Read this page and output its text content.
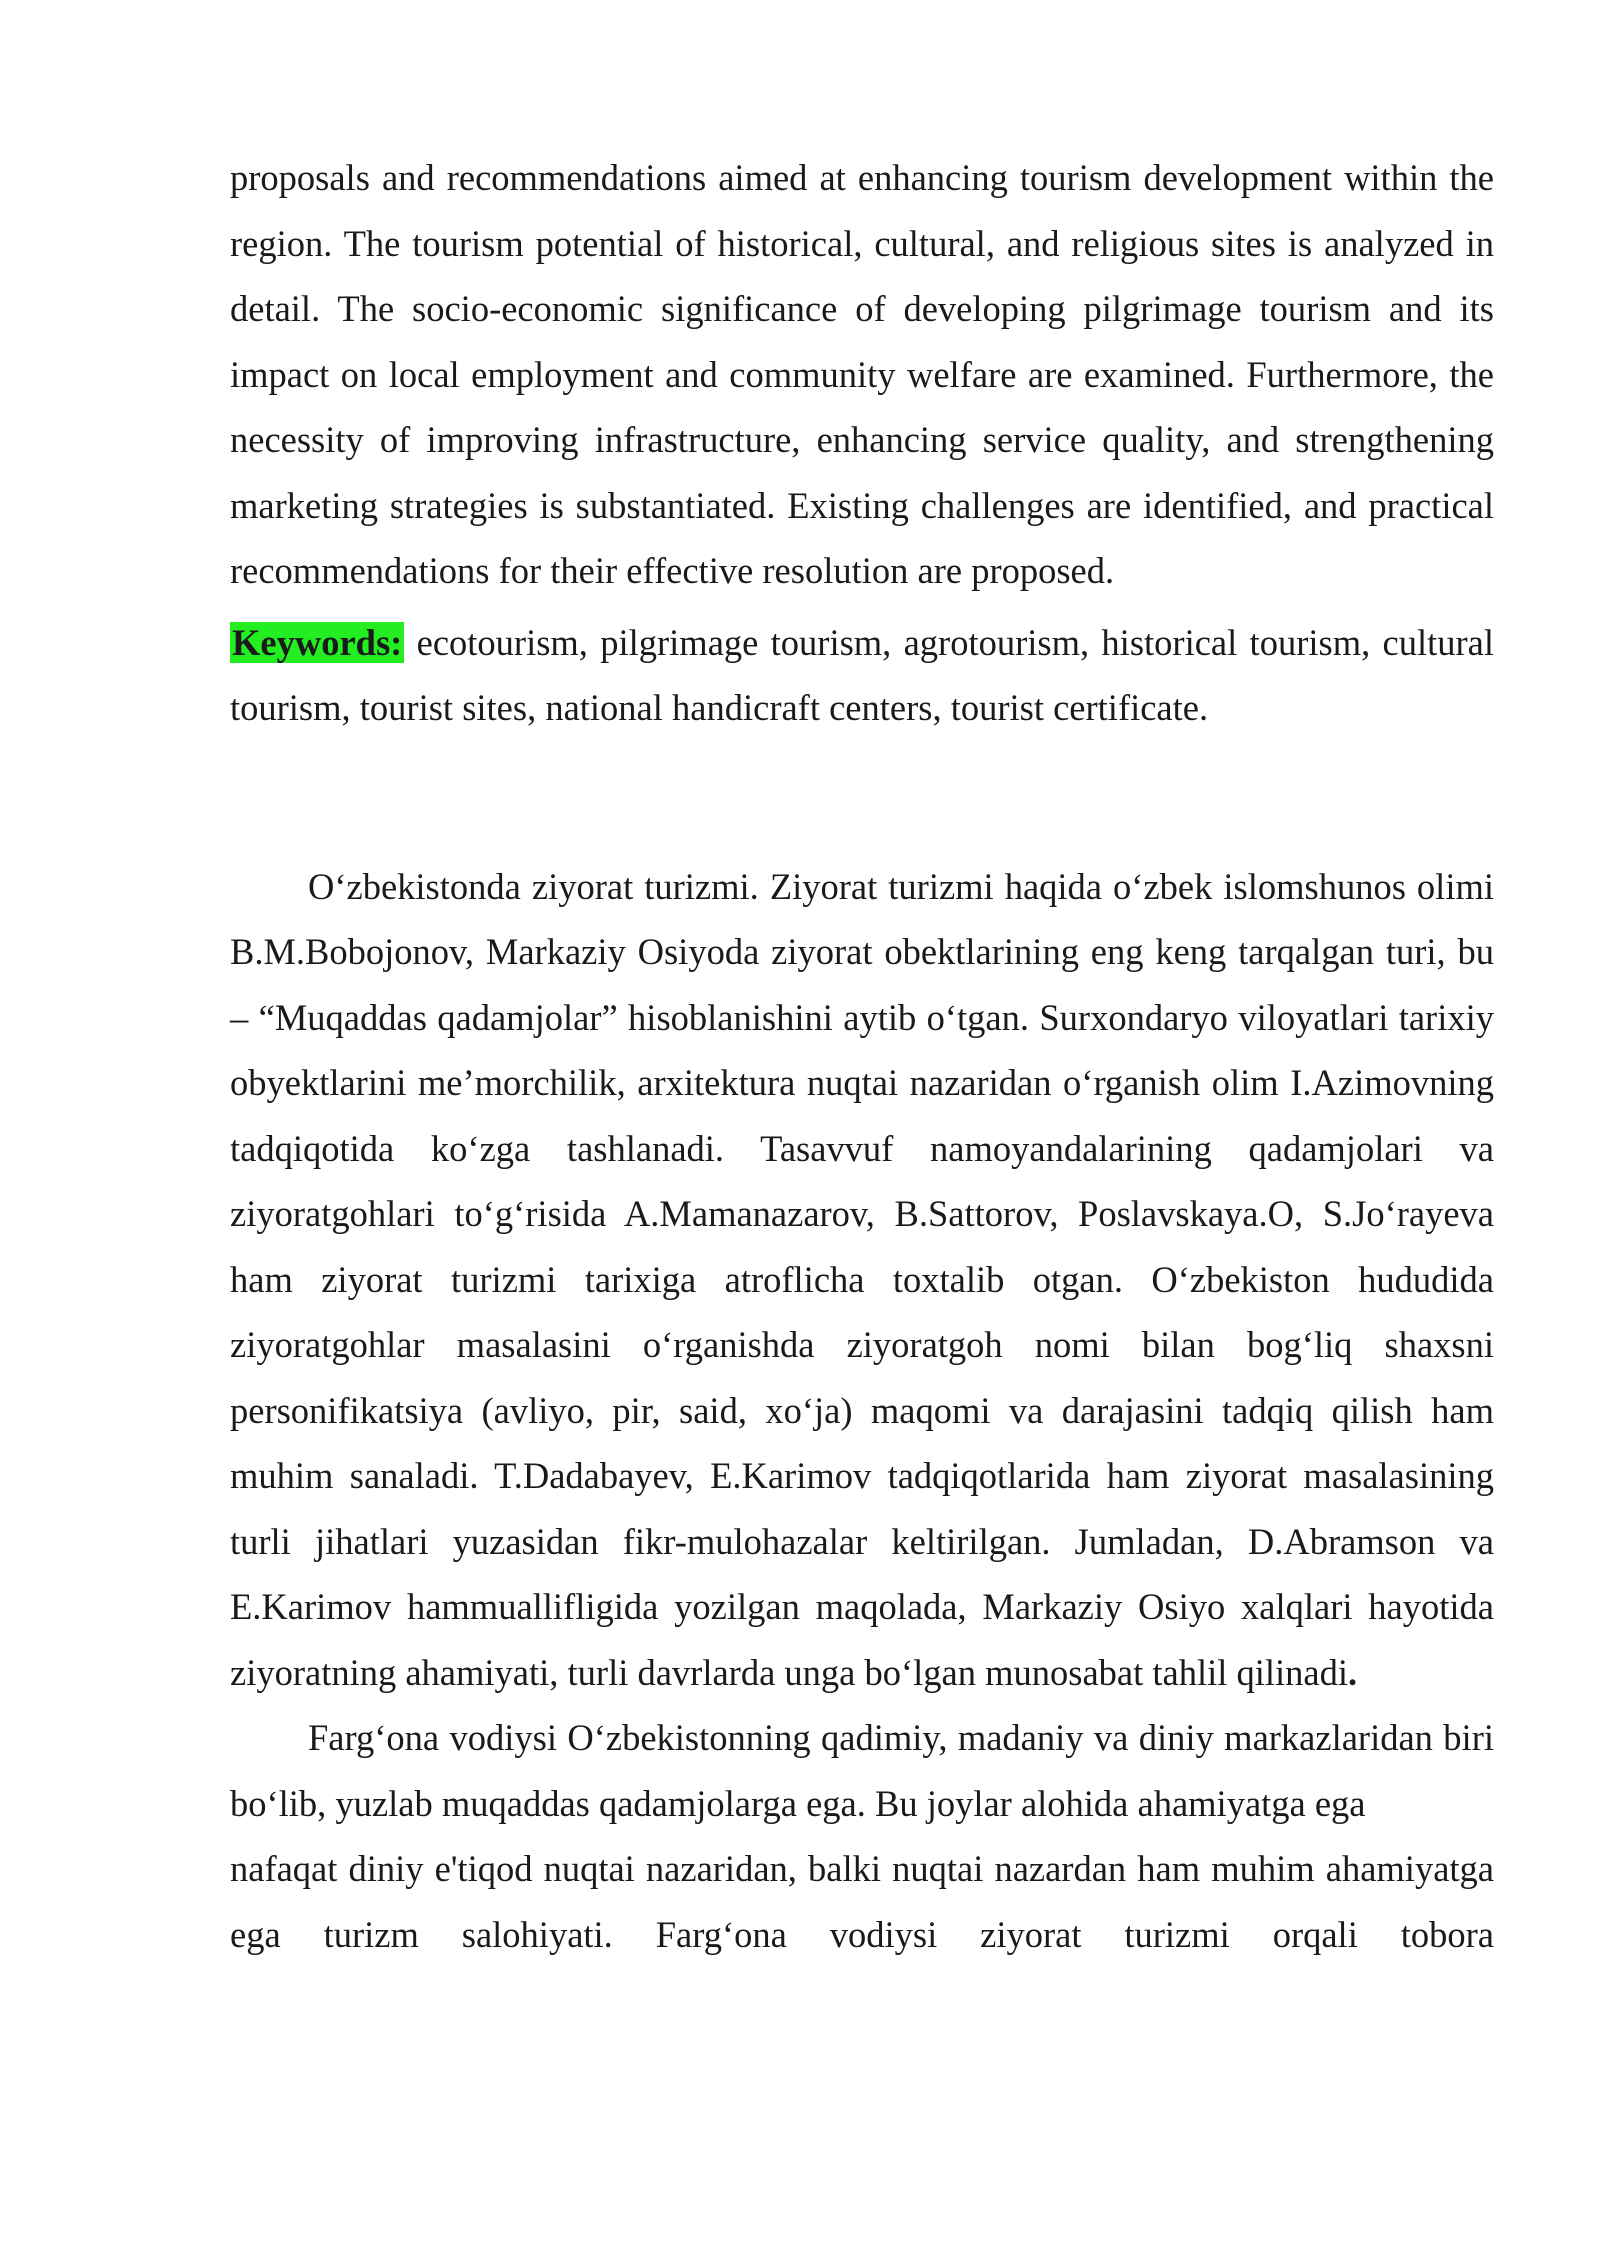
proposals and recommendations aimed at enhancing tourism development within the region. The tourism potential of historical, cultural, and religious sites is analyzed in detail. The socio-economic significance of developing pilgrimage tourism and its impact on local employment and community welfare are examined. Furthermore, the necessity of improving infrastructure, enhancing service quality, and strengthening marketing strategies is substantiated. Existing challenges are identified, and practical recommendations for their effective resolution are proposed.

Keywords: ecotourism, pilgrimage tourism, agrotourism, historical tourism, cultural tourism, tourist sites, national handicraft centers, tourist certificate.

O‘zbekistonda ziyorat turizmi. Ziyorat turizmi haqida o‘zbek islomshunos olimi B.M.Bobojonov, Markaziy Osiyoda ziyorat obektlarining eng keng tarqalgan turi, bu – “Muqaddas qadamjolar” hisoblanishini aytib o‘tgan. Surxondaryo viloyatlari tarixiy obyektlarini me’morchilik, arxitektura nuqtai nazaridan o‘rganish olim I.Azimovning tadqiqotida ko‘zga tashlanadi. Tasavvuf namoyandalarining qadamjolari va ziyoratgohlari to‘g‘risida A.Mamanazarov, B.Sattorov, Poslavskaya.O, S.Jo‘rayeva ham ziyorat turizmi tarixiga atroflicha toxtalib otgan. O‘zbekiston hududida ziyoratgohlar masalasini o‘rganishda ziyoratgoh nomi bilan bog‘liq shaxsni personifikatsiya (avliyo, pir, said, xo‘ja) maqomi va darajasini tadqiq qilish ham muhim sanaladi. T.Dadabayev, E.Karimov tadqiqotlarida ham ziyorat masalasining turli jihatlari yuzasidan fikr-mulohazalar keltirilgan. Jumladan, D.Abramson va E.Karimov hammuallifligida yozilgan maqolada, Markaziy Osiyo xalqlari hayotida ziyoratning ahamiyati, turli davrlarda unga bo‘lgan munosabat tahlil qilinadi.

Farg‘ona vodiysi O‘zbekistonning qadimiy, madaniy va diniy markazlaridan biri bo‘lib, yuzlab muqaddas qadamjolarga ega. Bu joylar alohida ahamiyatga ega

nafaqat diniy e'tiqod nuqtai nazaridan, balki nuqtai nazardan ham muhim ahamiyatga ega turizm salohiyati. Farg‘ona vodiysi ziyorat turizmi orqali tobora
